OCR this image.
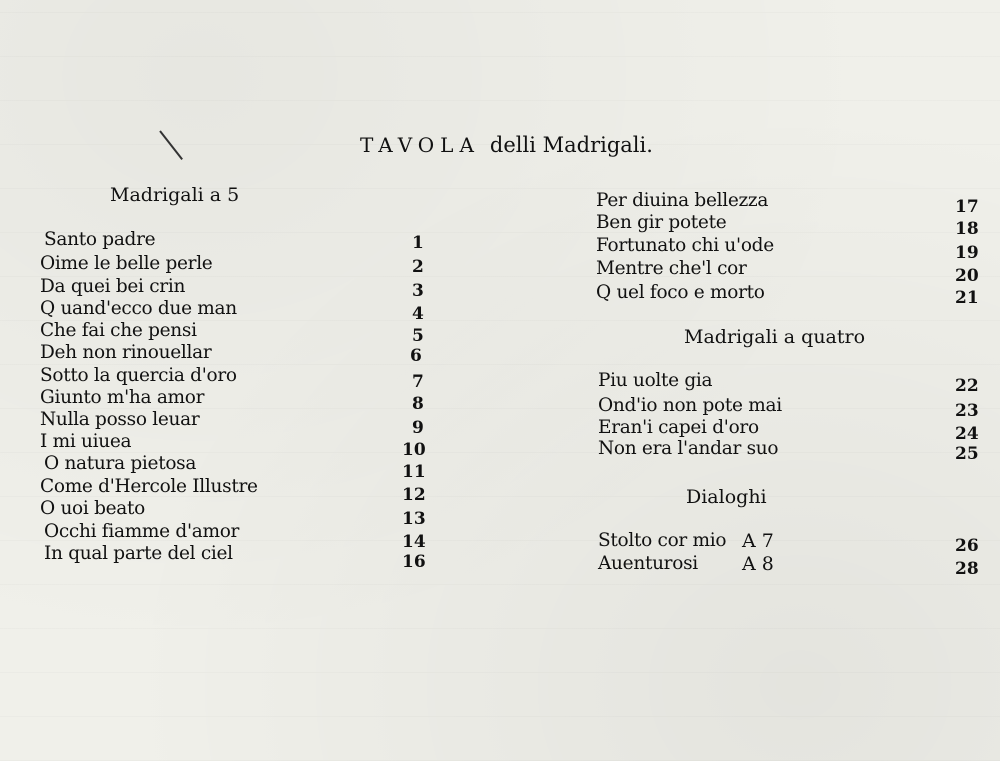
TAVOLA delli Madrigali.
Madrigali a 5
Santo padre	1
Oime le belle perle	2
Da quei bei crin	3
Q uand'ecco due man	4
Che fai che pensi	5
Deh non rinouellar	6
Sotto la quercia d'oro	7
Giunto m'ha amor	8
Nulla posso leuar	9
I mi uiuea	10
O natura pietosa	11
Come d'Hercole Illustre	12
O uoi beato	13
Occhi fiamme d'amor	14
In qual parte del ciel	16
Per diuina bellezza	17
Ben gir potete	18
Fortunato chi u'ode	19
Mentre che'l cor	20
Q uel foco e morto	21
Madrigali a quatro
Piu uolte gia	22
Ond'io non pote mai	23
Eran'i capei d'oro	24
Non era l'andar suo	25
Dialoghi
Stolto cor mio A 7	26
Auenturosi A 8	28
